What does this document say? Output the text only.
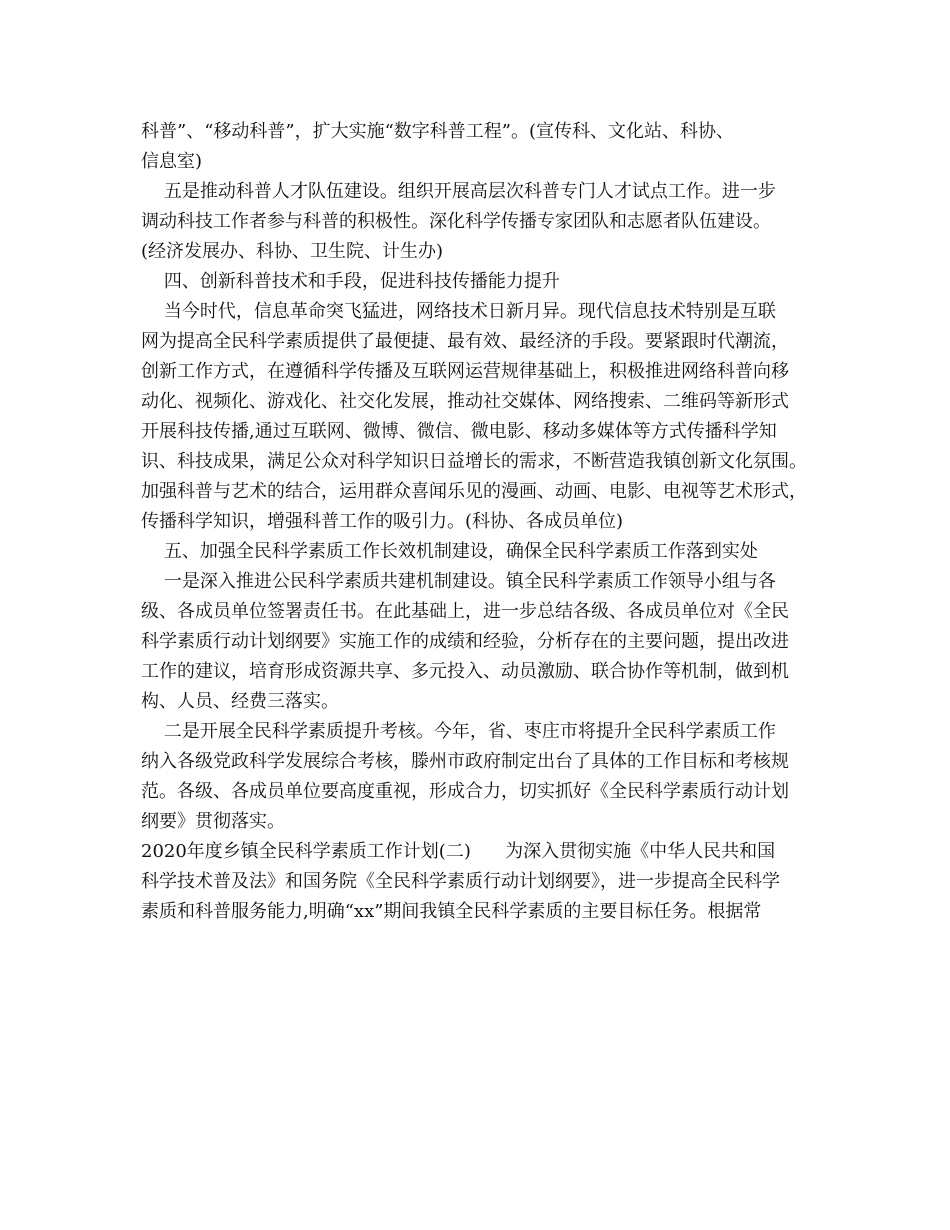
科普”、“移动科普”，扩大实施“数字科普工程”。(宣传科、文化站、科协、

信息室)

五是推动科普人才队伍建设。组织开展高层次科普专门人才试点工作。进一步

调动科技工作者参与科普的积极性。深化科学传播专家团队和志愿者队伍建设。

(经济发展办、科协、卫生院、计生办)

四、创新科普技术和手段，促进科技传播能力提升

当今时代，信息革命突飞猛进，网络技术日新月异。现代信息技术特别是互联

网为提高全民科学素质提供了最便捷、最有效、最经济的手段。要紧跟时代潮流，

创新工作方式，在遵循科学传播及互联网运营规律基础上，积极推进网络科普向移

动化、视频化、游戏化、社交化发展，推动社交媒体、网络搜索、二维码等新形式

开展科技传播,通过互联网、微博、微信、微电影、移动多媒体等方式传播科学知

识、科技成果，满足公众对科学知识日益增长的需求，不断营造我镇创新文化氛围。

加强科普与艺术的结合，运用群众喜闻乐见的漫画、动画、电影、电视等艺术形式，

传播科学知识，增强科普工作的吸引力。(科协、各成员单位)

五、加强全民科学素质工作长效机制建设，确保全民科学素质工作落到实处

一是深入推进公民科学素质共建机制建设。镇全民科学素质工作领导小组与各

级、各成员单位签署责任书。在此基础上，进一步总结各级、各成员单位对《全民

科学素质行动计划纲要》实施工作的成绩和经验，分析存在的主要问题，提出改进

工作的建议，培育形成资源共享、多元投入、动员激励、联合协作等机制，做到机

构、人员、经费三落实。

二是开展全民科学素质提升考核。今年，省、枣庄市将提升全民科学素质工作

纳入各级党政科学发展综合考核，滕州市政府制定出台了具体的工作目标和考核规

范。各级、各成员单位要高度重视，形成合力，切实抓好《全民科学素质行动计划

纲要》贯彻落实。

2020年度乡镇全民科学素质工作计划(二)      为深入贯彻实施《中华人民共和国

科学技术普及法》和国务院《全民科学素质行动计划纲要》，进一步提高全民科学

素质和科普服务能力,明确“xx”期间我镇全民科学素质的主要目标任务。根据常
